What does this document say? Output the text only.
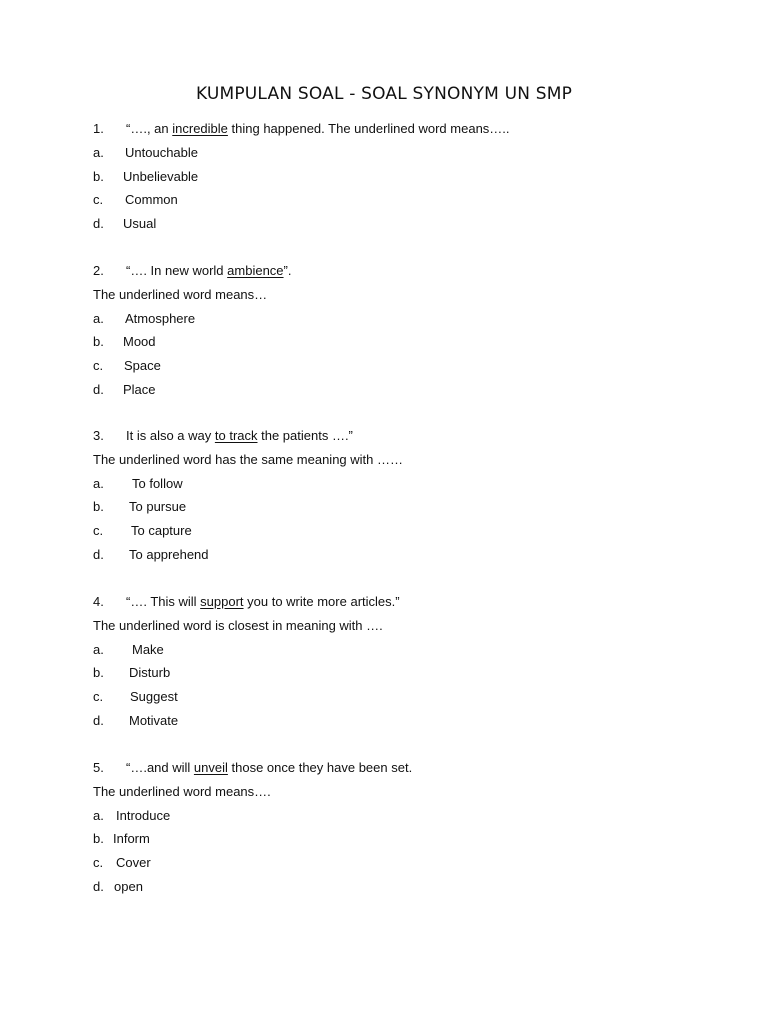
KUMPULAN SOAL - SOAL SYNONYM UN SMP
1. “…., an incredible thing happened. The underlined word means…..
a. Untouchable
b. Unbelievable
c. Common
d. Usual
2. “…. In new world ambience”.
The underlined word means…
a. Atmosphere
b. Mood
c. Space
d. Place
3. It is also a way to track the patients ….”
The underlined word has the same meaning with ……
a. To follow
b. To pursue
c. To capture
d. To apprehend
4. “…. This will support you to write more articles.”
The underlined word is closest in meaning with ….
a. Make
b. Disturb
c. Suggest
d. Motivate
5. “….and will unveil those once they have been set.
The underlined word means….
a. Introduce
b. Inform
c. Cover
d. open
